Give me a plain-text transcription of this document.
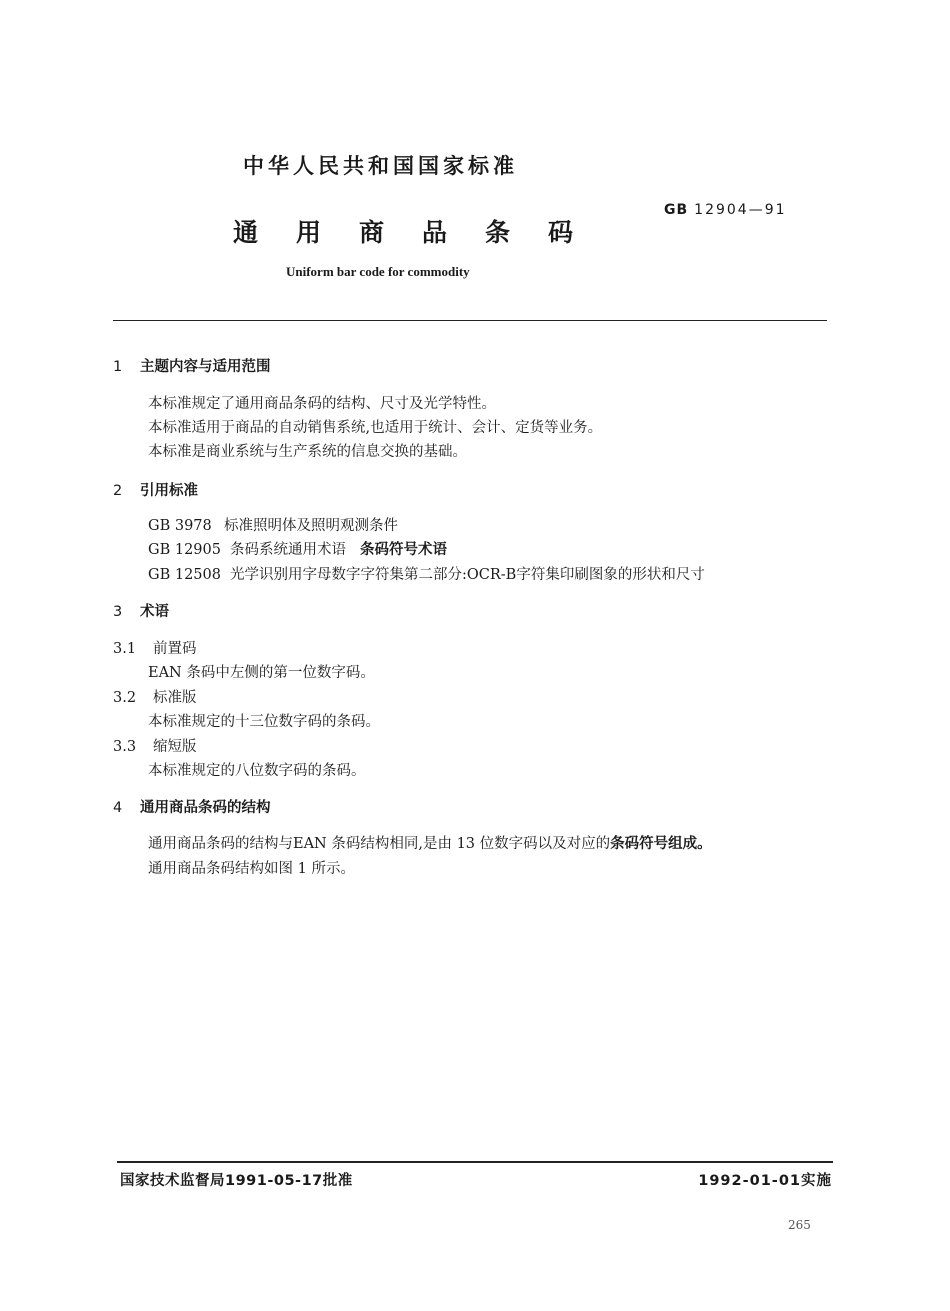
中华人民共和国国家标准
GB 12904—91
通用商品条码
Uniform bar code for commodity
1 主题内容与适用范围
本标准规定了通用商品条码的结构、尺寸及光学特性。
本标准适用于商品的自动销售系统,也适用于统计、会计、定货等业务。
本标准是商业系统与生产系统的信息交换的基础。
2 引用标准
GB 3978 标准照明体及照明观测条件
GB 12905 条码系统通用术语 条码符号术语
GB 12508 光学识别用字母数字字符集第二部分:OCR-B字符集印刷图象的形状和尺寸
3 术语
3.1 前置码
EAN 条码中左侧的第一位数字码。
3.2 标准版
本标准规定的十三位数字码的条码。
3.3 缩短版
本标准规定的八位数字码的条码。
4 通用商品条码的结构
通用商品条码的结构与EAN 条码结构相同,是由 13 位数字码以及对应的条码符号组成。
通用商品条码结构如图 1 所示。
国家技术监督局1991-05-17批准	1992-01-01实施
265
